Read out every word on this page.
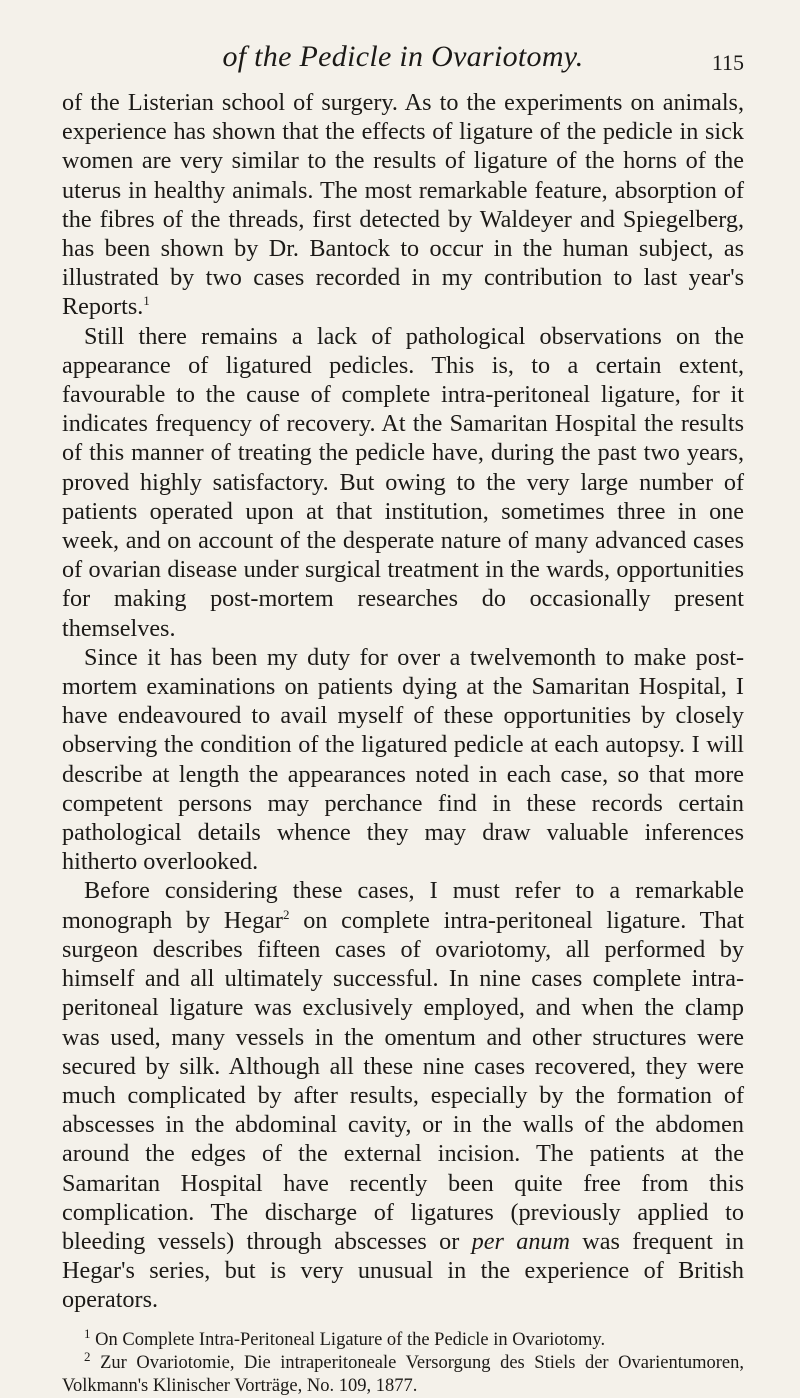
of the Pedicle in Ovariotomy.	115

of the Listerian school of surgery. As to the experiments on animals, experience has shown that the effects of ligature of the pedicle in sick women are very similar to the results of ligature of the horns of the uterus in healthy animals. The most remarkable feature, absorption of the fibres of the threads, first detected by Waldeyer and Spiegelberg, has been shown by Dr. Bantock to occur in the human subject, as illustrated by two cases recorded in my contribution to last year's Reports.$^1$

Still there remains a lack of pathological observations on the appearance of ligatured pedicles. This is, to a certain extent, favourable to the cause of complete intra-peritoneal ligature, for it indicates frequency of recovery. At the Samaritan Hospital the results of this manner of treating the pedicle have, during the past two years, proved highly satisfactory. But owing to the very large number of patients operated upon at that institution, sometimes three in one week, and on account of the desperate nature of many advanced cases of ovarian disease under surgical treatment in the wards, opportunities for making post-mortem researches do occasionally present themselves.

Since it has been my duty for over a twelvemonth to make post-mortem examinations on patients dying at the Samaritan Hospital, I have endeavoured to avail myself of these opportunities by closely observing the condition of the ligatured pedicle at each autopsy. I will describe at length the appearances noted in each case, so that more competent persons may perchance find in these records certain pathological details whence they may draw valuable inferences hitherto overlooked.

Before considering these cases, I must refer to a remarkable monograph by Hegar$^2$ on complete intra-peritoneal ligature. That surgeon describes fifteen cases of ovariotomy, all performed by himself and all ultimately successful. In nine cases complete intra-peritoneal ligature was exclusively employed, and when the clamp was used, many vessels in the omentum and other structures were secured by silk. Although all these nine cases recovered, they were much complicated by after results, especially by the formation of abscesses in the abdominal cavity, or in the walls of the abdomen around the edges of the external incision. The patients at the Samaritan Hospital have recently been quite free from this complication. The discharge of ligatures (previously applied to bleeding vessels) through abscesses or per anum was frequent in Hegar's series, but is very unusual in the experience of British operators.

$^1$ On Complete Intra-Peritoneal Ligature of the Pedicle in Ovariotomy.

$^2$ Zur Ovariotomie, Die intraperitoneale Versorgung des Stiels der Ovarientumoren, Volkmann's Klinischer Vorträge, No. 109, 1877.
